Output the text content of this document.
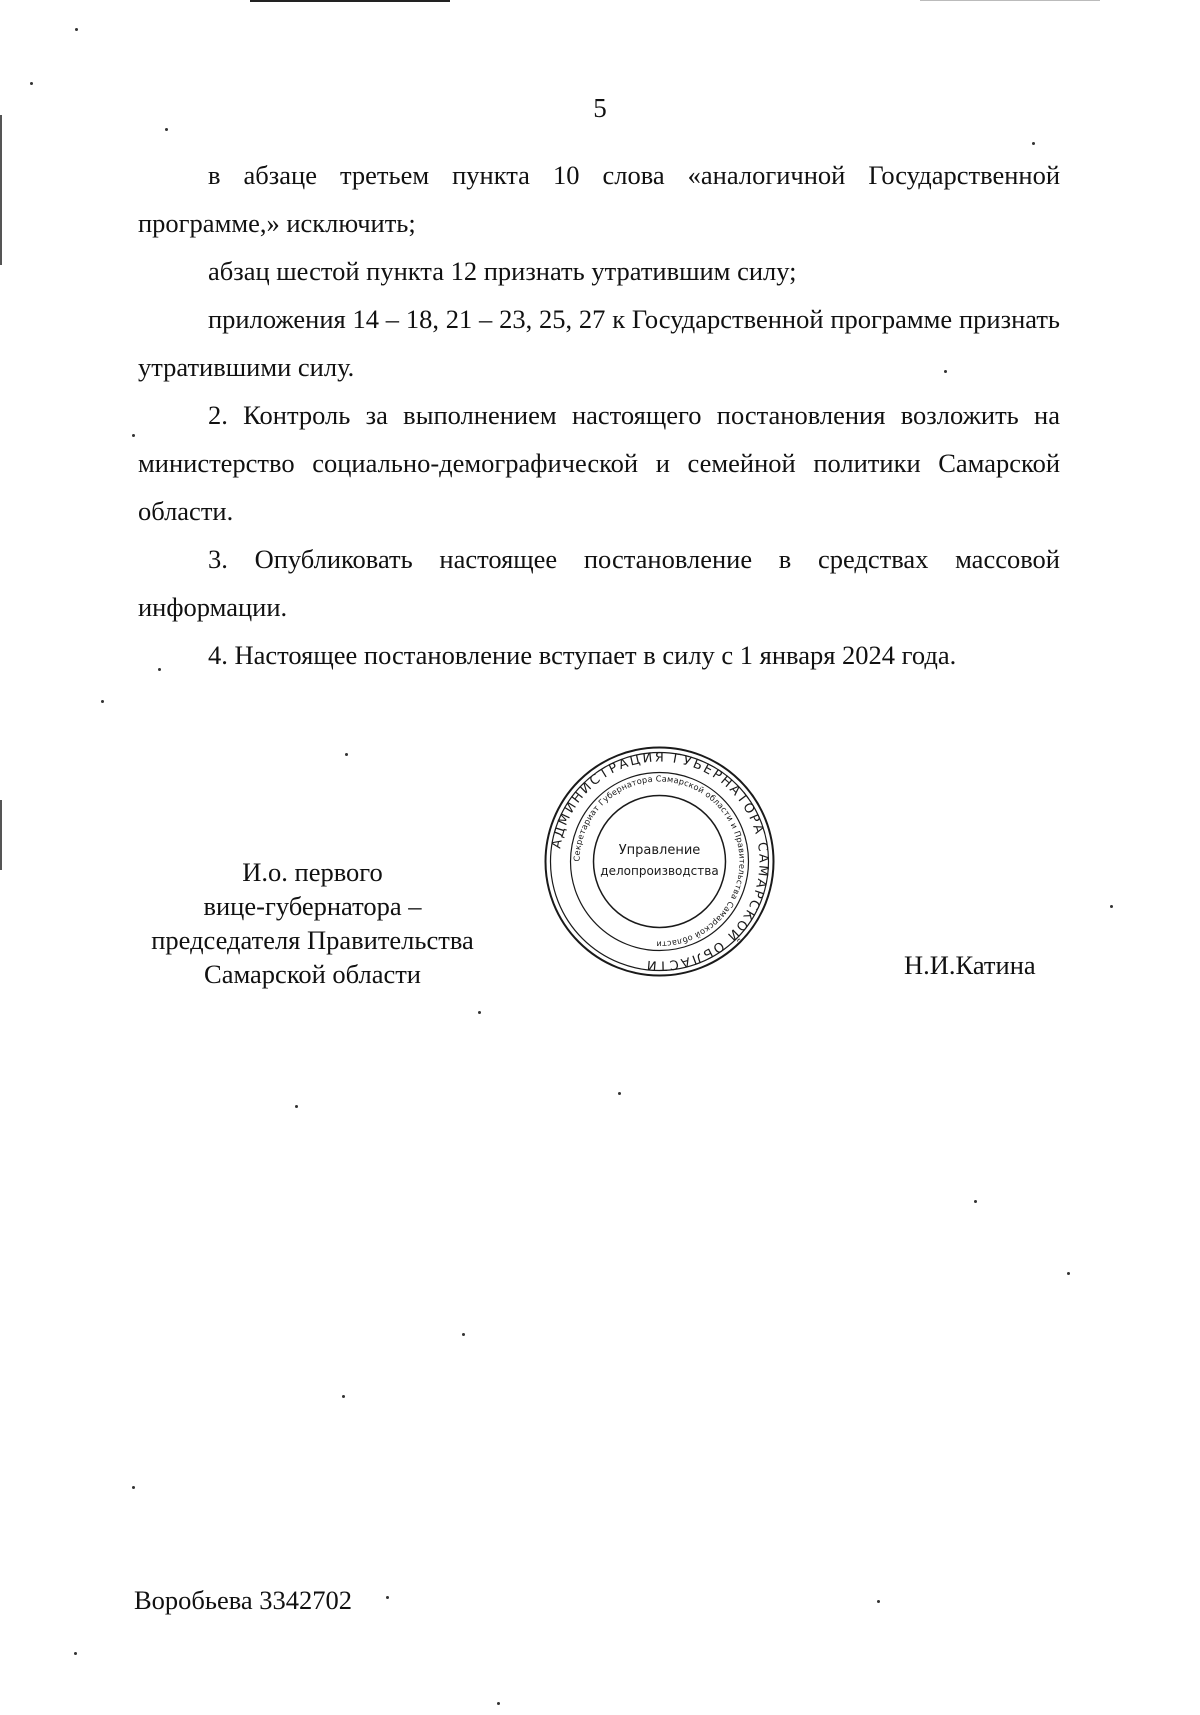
5

в абзаце третьем пункта 10 слова «аналогичной Государственной программе,» исключить;

абзац шестой пункта 12 признать утратившим силу;

приложения 14 – 18, 21 – 23, 25, 27 к Государственной программе признать утратившими силу.

2. Контроль за выполнением настоящего постановления возложить на министерство социально-демографической и семейной политики Самарской области.

3. Опубликовать настоящее постановление в средствах массовой информации.

4. Настоящее постановление вступает в силу с 1 января 2024 года.

И.о. первого
вице-губернатора –
председателя Правительства
Самарской области
АДМИНИСТРАЦИЯ ГУБЕРНАТОРА САМАРСКОЙ ОБЛАСТИ
Секретариат Губернатора Самарской области и Правительства Самарской области
Управление
делопроизводства
Н.И.Катина
Воробьева 3342702
